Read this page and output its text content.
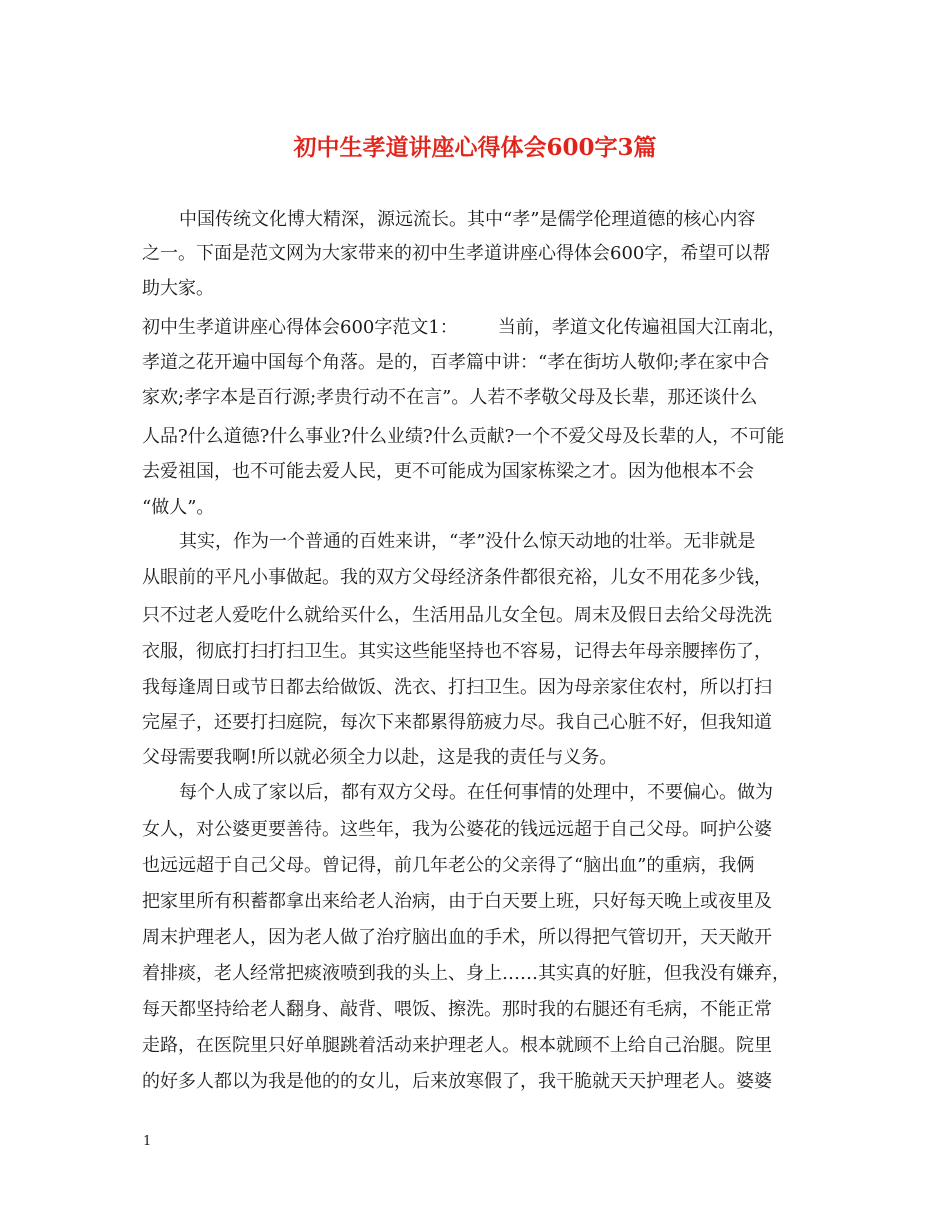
初中生孝道讲座心得体会600字3篇
中国传统文化博大精深，源远流长。其中“孝”是儒学伦理道德的核心内容
之一。下面是范文网为大家带来的初中生孝道讲座心得体会600字，希望可以帮
助大家。
初中生孝道讲座心得体会600字范文1： 当前，孝道文化传遍祖国大江南北，
孝道之花开遍中国每个角落。是的，百孝篇中讲：“孝在街坊人敬仰;孝在家中合
家欢;孝字本是百行源;孝贵行动不在言”。人若不孝敬父母及长辈，那还谈什么
人品?什么道德?什么事业?什么业绩?什么贡献?一个不爱父母及长辈的人，不可能
去爱祖国，也不可能去爱人民，更不可能成为国家栋梁之才。因为他根本不会
“做人”。
其实，作为一个普通的百姓来讲，“孝”没什么惊天动地的壮举。无非就是
从眼前的平凡小事做起。我的双方父母经济条件都很充裕，儿女不用花多少钱，
只不过老人爱吃什么就给买什么，生活用品儿女全包。周末及假日去给父母洗洗
衣服，彻底打扫打扫卫生。其实这些能坚持也不容易，记得去年母亲腰摔伤了，
我每逢周日或节日都去给做饭、洗衣、打扫卫生。因为母亲家住农村，所以打扫
完屋子，还要打扫庭院，每次下来都累得筋疲力尽。我自己心脏不好，但我知道
父母需要我啊!所以就必须全力以赴，这是我的责任与义务。
每个人成了家以后，都有双方父母。在任何事情的处理中，不要偏心。做为
女人，对公婆更要善待。这些年，我为公婆花的钱远远超于自己父母。呵护公婆
也远远超于自己父母。曾记得，前几年老公的父亲得了“脑出血”的重病，我俩
把家里所有积蓄都拿出来给老人治病，由于白天要上班，只好每天晚上或夜里及
周末护理老人，因为老人做了治疗脑出血的手术，所以得把气管切开，天天敞开
着排痰，老人经常把痰液喷到我的头上、身上……其实真的好脏，但我没有嫌弃，
每天都坚持给老人翻身、敲背、喂饭、擦洗。那时我的右腿还有毛病，不能正常
走路，在医院里只好单腿跳着活动来护理老人。根本就顾不上给自己治腿。院里
的好多人都以为我是他的的女儿，后来放寒假了，我干脆就天天护理老人。婆婆
1
